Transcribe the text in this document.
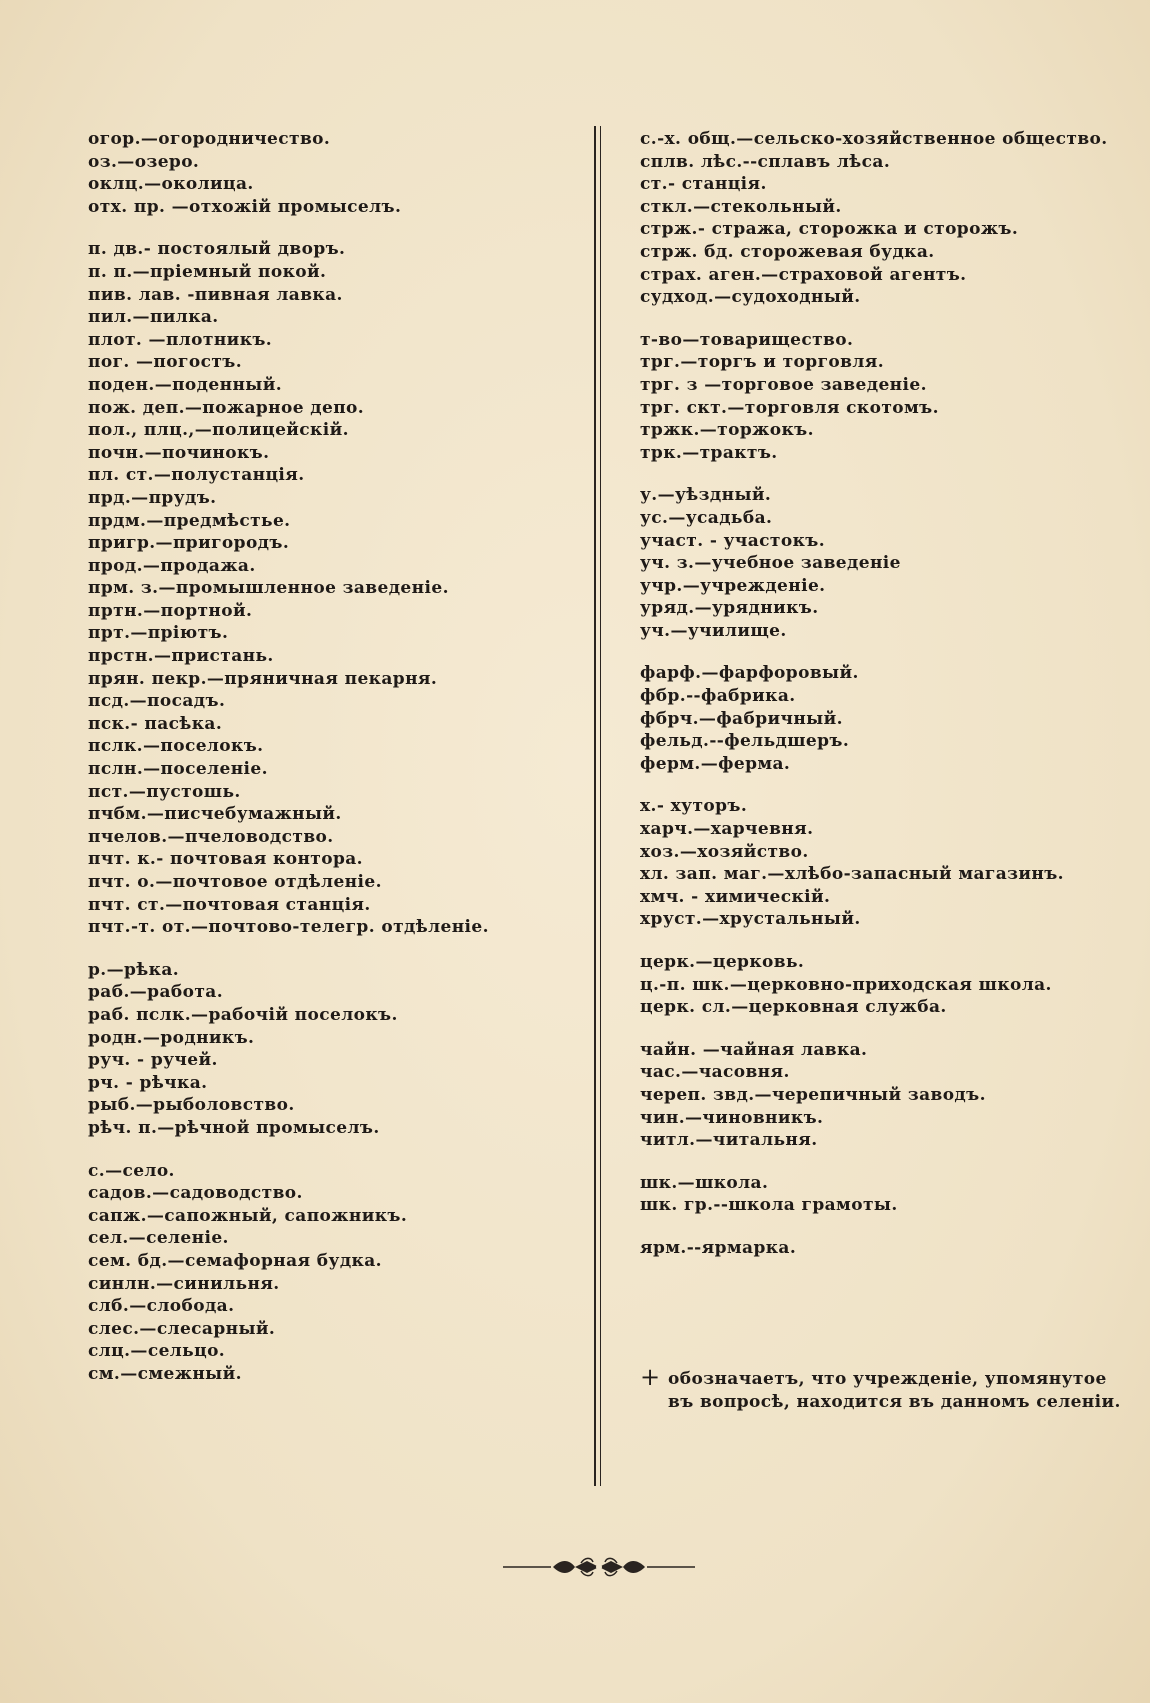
огор.—огородничество.
оз.—озеро.
оклц.—околица.
отх. пр. —отхожій промыселъ.
п. дв.- постоялый дворъ.
п. п.—пріемный покой.
пив. лав. -пивная лавка.
пил.—пилка.
плот. —плотникъ.
пог. —погостъ.
поден.—поденный.
пож. деп.—пожарное депо.
пол., плц.,—полицейскій.
почн.—починокъ.
пл. ст.—полустанція.
прд.—прудъ.
прдм.—предмѣстье.
пригр.—пригородъ.
прод.—продажа.
прм. з.—промышленное заведеніе.
пртн.—портной.
прт.—пріютъ.
прстн.—пристань.
прян. пекр.—пряничная пекарня.
псд.—посадъ.
пск.- пасѣка.
пслк.—поселокъ.
пслн.—поселеніе.
пст.—пустошь.
пчбм.—писчебумажный.
пчелов.—пчеловодство.
пчт. к.- почтовая контора.
пчт. о.—почтовое отдѣленіе.
пчт. ст.—почтовая станція.
пчт.-т. от.—почтово-телегр. отдѣленіе.
р.—рѣка.
раб.—работа.
раб. пслк.—рабочій поселокъ.
родн.—родникъ.
руч. - ручей.
рч. - рѣчка.
рыб.—рыболовство.
рѣч. п.—рѣчной промыселъ.
с.—село.
садов.—садоводство.
сапж.—сапожный, сапожникъ.
сел.—селеніе.
сем. бд.—семафорная будка.
синлн.—синильня.
слб.—слобода.
слес.—слесарный.
слц.—сельцо.
см.—смежный.
с.-х. общ.—сельско-хозяйственное общество.
сплв. лѣс.--сплавъ лѣса.
ст.- станція.
сткл.—стекольный.
стрж.- стража, сторожка и сторожъ.
стрж. бд. сторожевая будка.
страх. аген.—страховой агентъ.
судход.—судоходный.
т-во—товарищество.
трг.—торгъ и торговля.
трг. з —торговое заведеніе.
трг. скт.—торговля скотомъ.
тржк.—торжокъ.
трк.—трактъ.
у.—уѣздный.
ус.—усадьба.
участ. - участокъ.
уч. з.—учебное заведеніе
учр.—учрежденіе.
уряд.—урядникъ.
уч.—училище.
фарф.—фарфоровый.
фбр.--фабрика.
фбрч.—фабричный.
фельд.--фельдшеръ.
ферм.—ферма.
х.- хуторъ.
харч.—харчевня.
хоз.—хозяйство.
хл. зап. маг.—хлѣбо-запасный магазинъ.
хмч. - химическій.
хруст.—хрустальный.
церк.—церковь.
ц.-п. шк.—церковно-приходская школа.
церк. сл.—церковная служба.
чайн. —чайная лавка.
час.—часовня.
череп. звд.—черепичный заводъ.
чин.—чиновникъ.
читл.—читальня.
шк.—школа.
шк. гр.--школа грамоты.
ярм.--ярмарка.
+ обозначаетъ, что учрежденіе, упомянутое
въ вопросѣ, находится въ данномъ селеніи.
